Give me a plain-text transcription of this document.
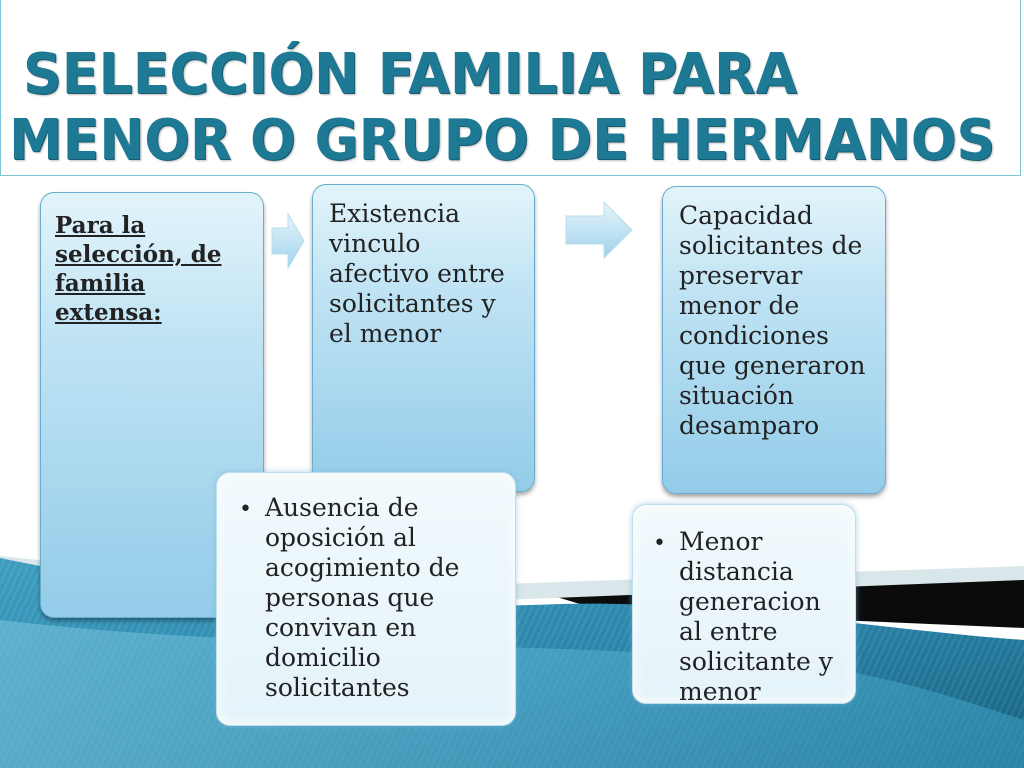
SELECCIÓN FAMILIA PARA
MENOR O GRUPO DE HERMANOS
Para la selección, de familia extensa:
Existencia vinculo afectivo entre solicitantes y el menor
Capacidad solicitantes de preservar menor de condiciones que generaron situación desamparo
• Ausencia de oposición al acogimiento de personas que convivan en domicilio solicitantes
• Menor distancia generacion al entre solicitante y menor
